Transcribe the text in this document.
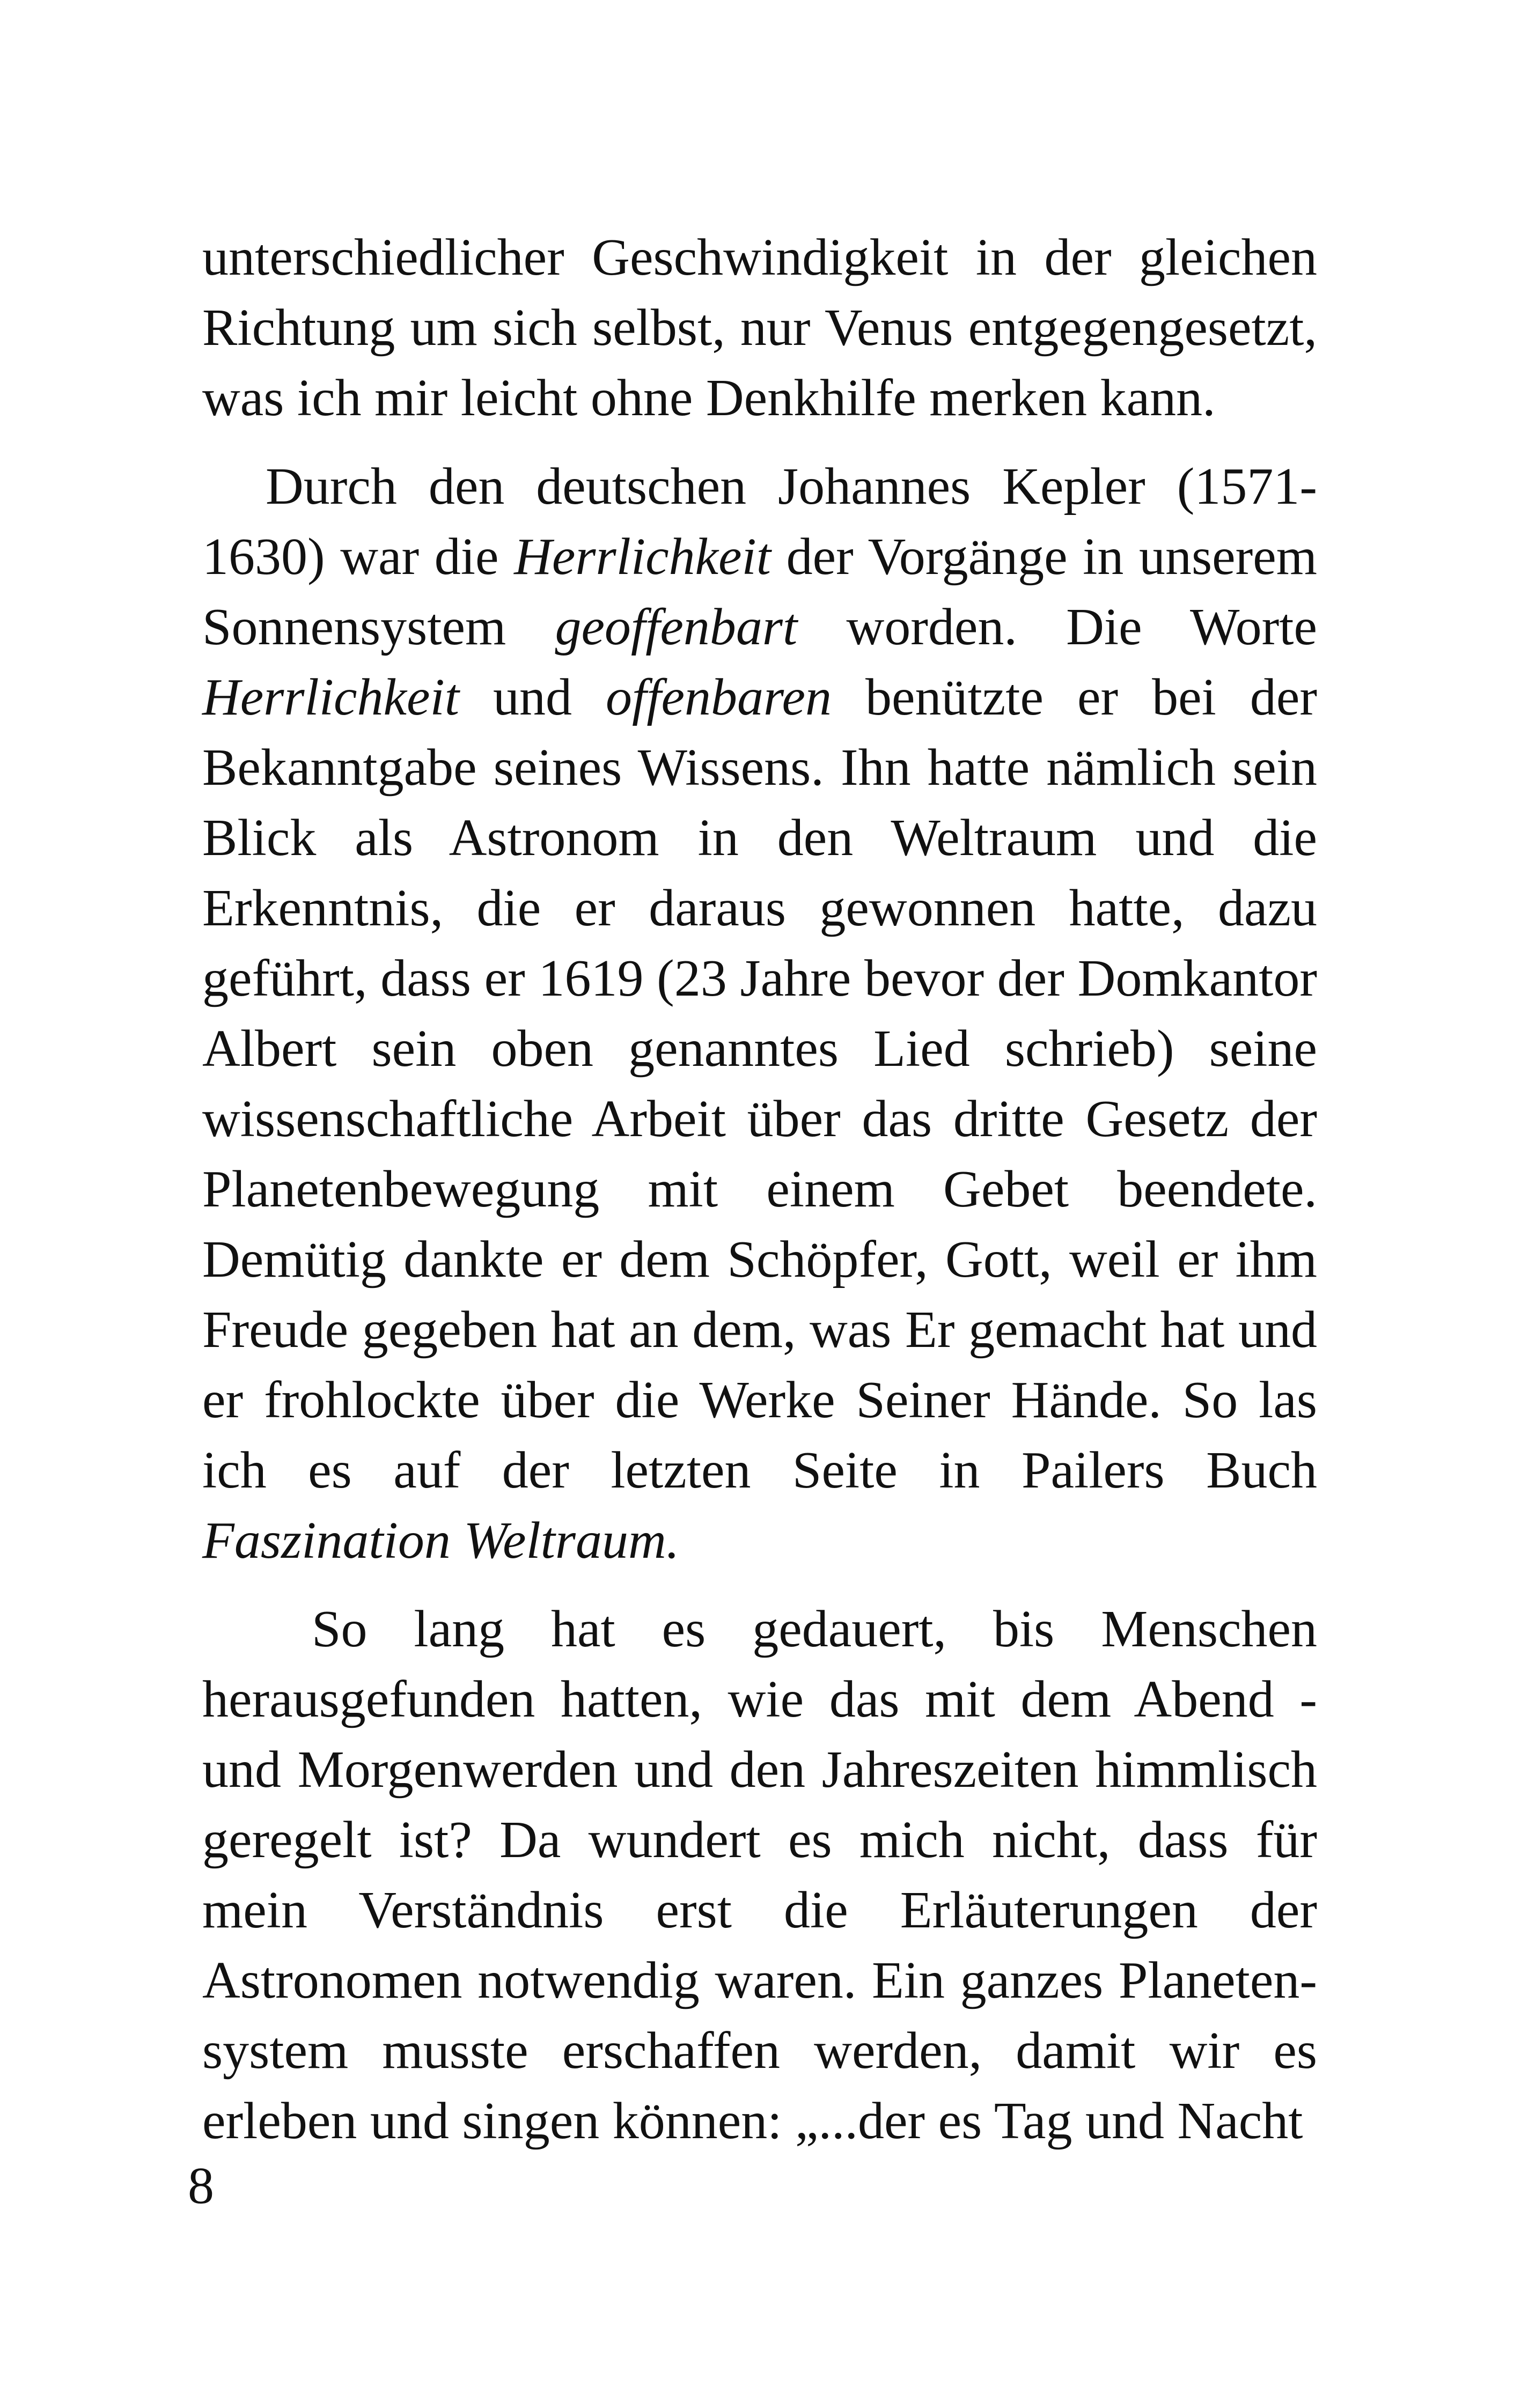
unterschiedlicher Geschwindigkeit in der gleichen Richtung um sich selbst, nur Venus entgegengesetzt, was ich mir leicht ohne Denkhilfe merken kann.

Durch den deutschen Johannes Kepler (1571-1630) war die Herrlichkeit der Vorgänge in unserem Sonnensystem geoffenbart worden. Die Worte Herrlichkeit und offenbaren benützte er bei der Bekanntgabe seines Wissens. Ihn hatte nämlich sein Blick als Astronom in den Weltraum und die Erkenntnis, die er daraus gewonnen hatte, dazu geführt, dass er 1619 (23 Jahre bevor der Domkantor Albert sein oben genanntes Lied schrieb) seine wissenschaftliche Arbeit über das dritte Gesetz der Planetenbewegung mit einem Gebet beendete. Demütig dankte er dem Schöpfer, Gott, weil er ihm Freude gegeben hat an dem, was Er gemacht hat und er frohlockte über die Werke Seiner Hände. So las ich es auf der letzten Seite in Pailers Buch Faszination Weltraum.

So lang hat es gedauert, bis Menschen herausgefunden hatten, wie das mit dem Abend - und Morgenwerden und den Jahreszeiten himmlisch geregelt ist? Da wundert es mich nicht, dass für mein Verständnis erst die Erläuterungen der Astronomen notwendig waren. Ein ganzes Planeten-system musste erschaffen werden, damit wir es erleben und singen können: „...der es Tag und Nacht

8
